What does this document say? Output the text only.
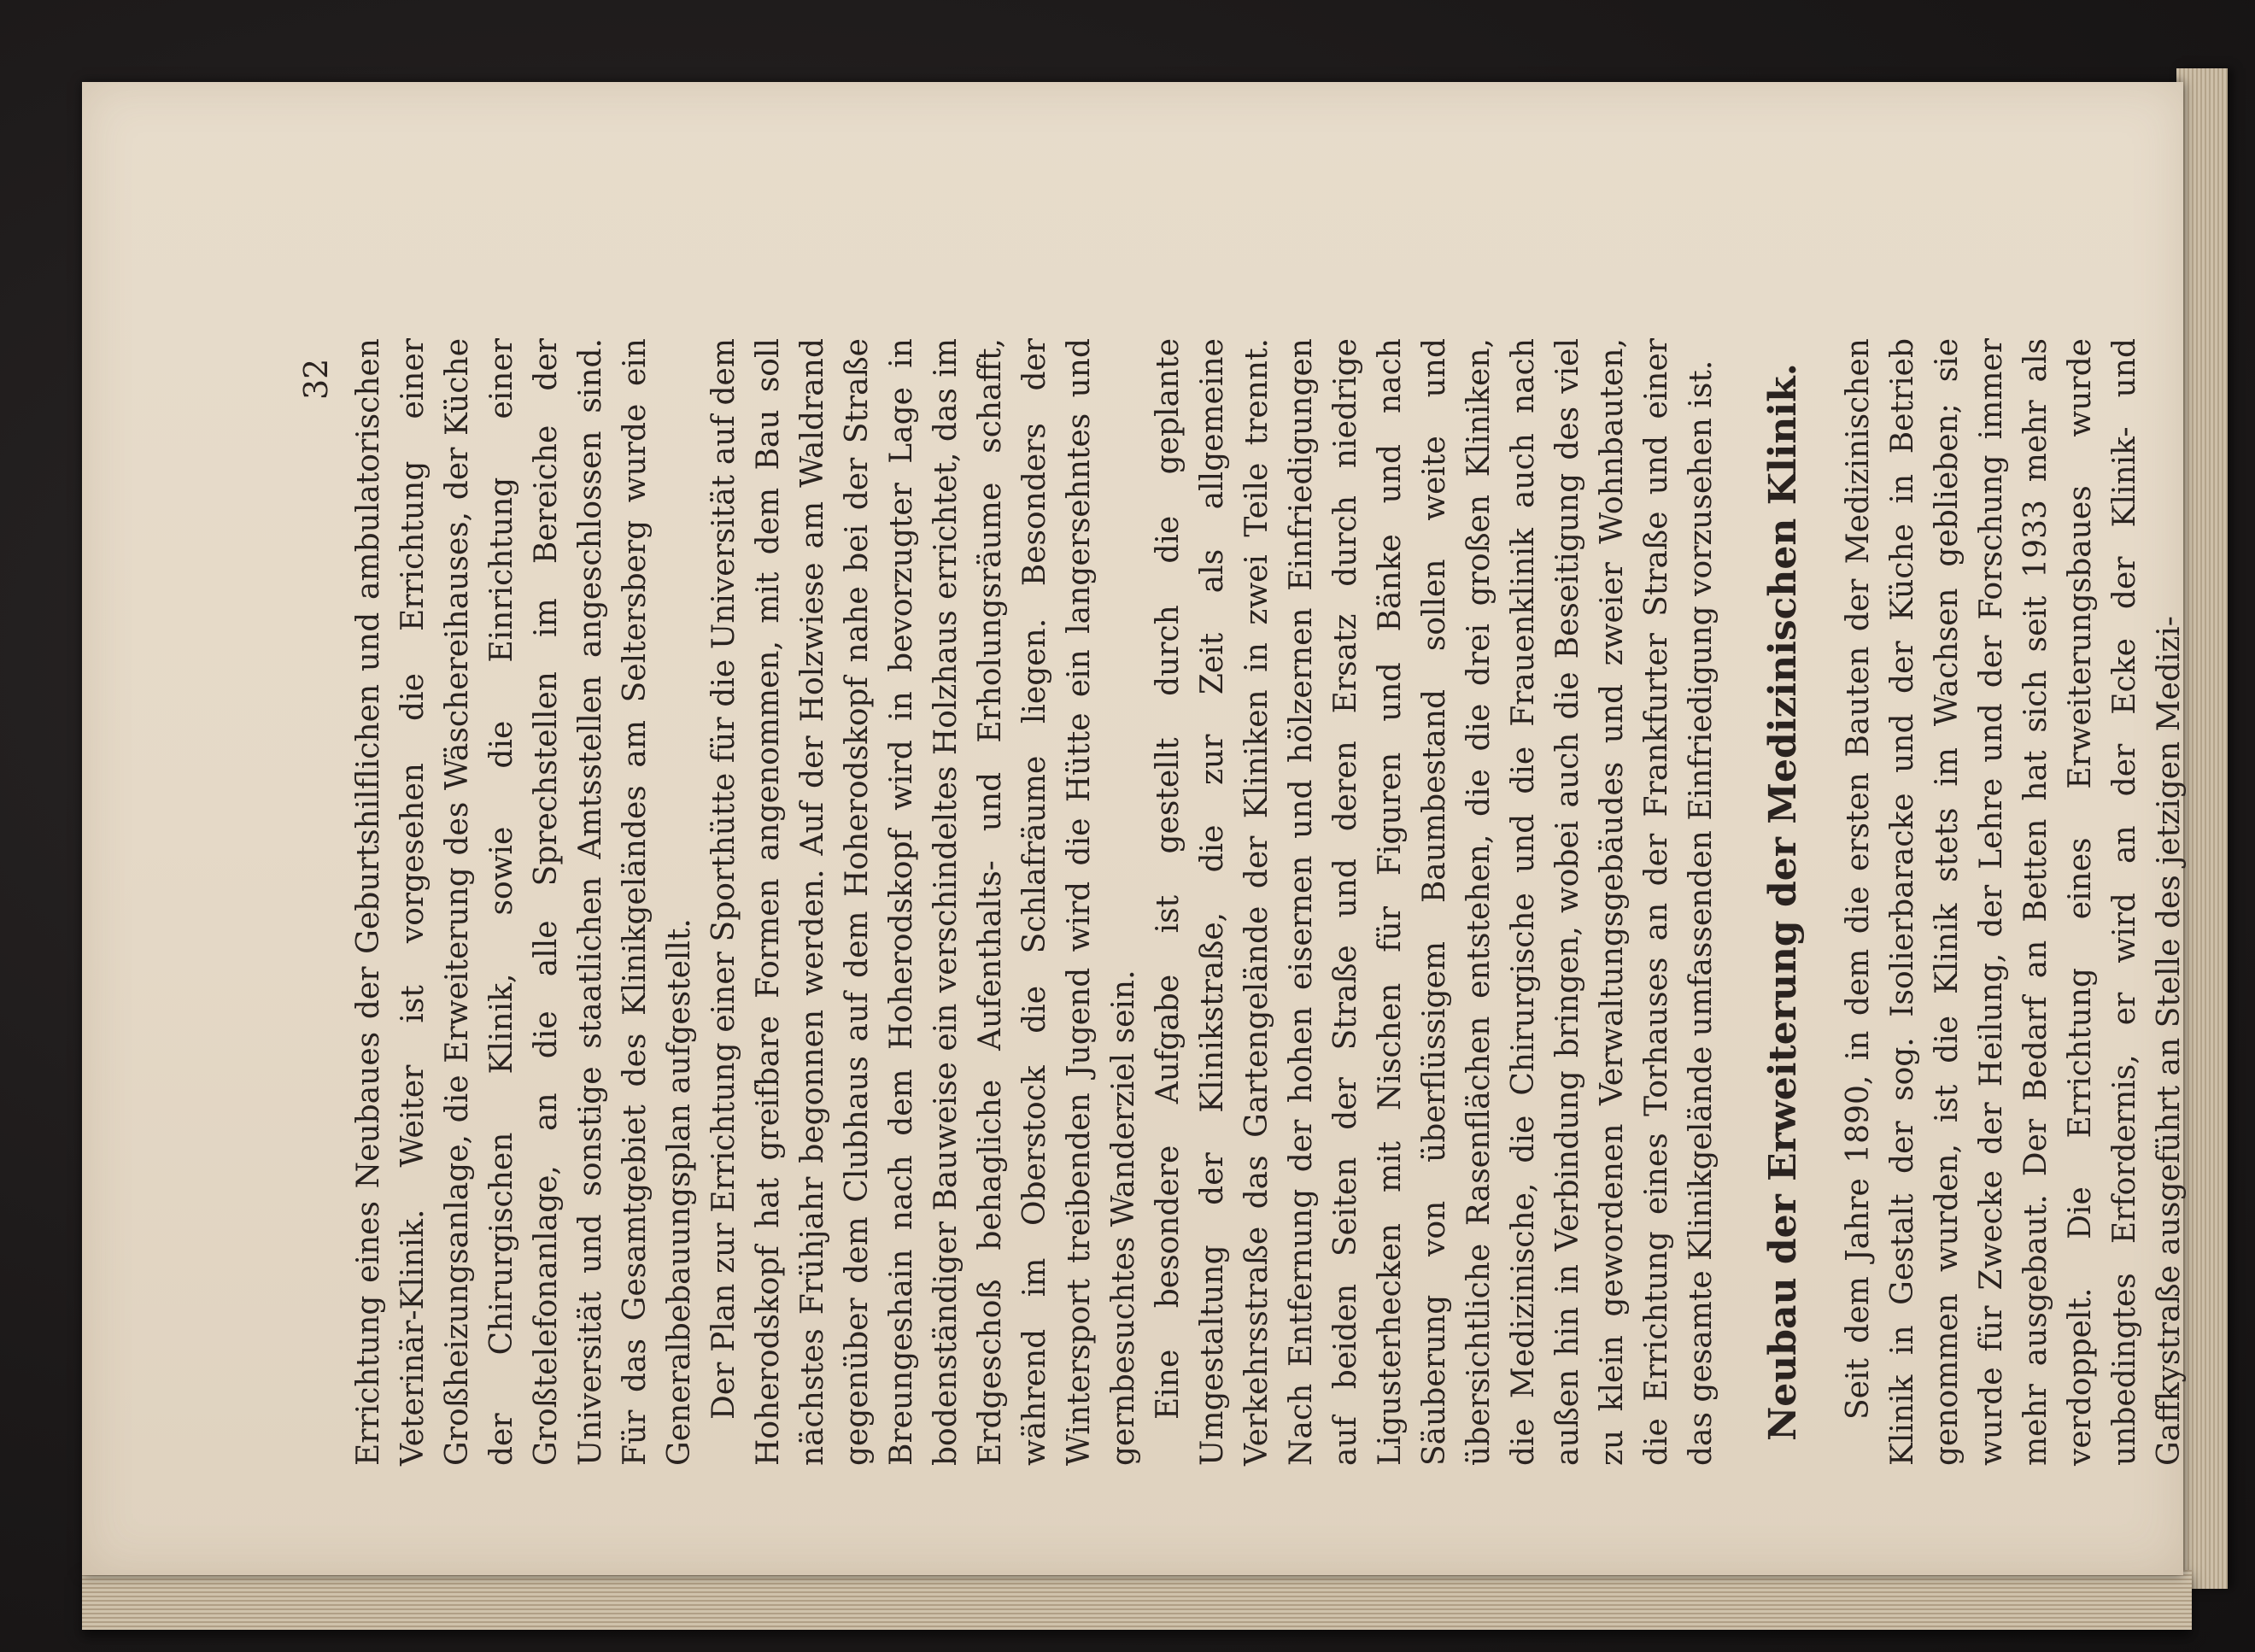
32 Errichtung eines Neubaues der Geburtshilflichen und ambulatorischen Veterinär-Klinik. Weiter ist vorgesehen die Errichtung einer Großheizungsanlage, die Erweiterung des Wäschereihauses, der Küche der Chirurgischen Klinik, sowie die Einrichtung einer Großtelefonanlage, an die alle Sprechstellen im Bereiche der Universität und sonstige staatlichen Amtsstellen angeschlossen sind. Für das Gesamtgebiet des Klinikgeländes am Seltersberg wurde ein Generalbebauungsplan aufgestellt. Der Plan zur Errichtung einer Sporthütte für die Universität auf dem Hoherodskopf hat greifbare Formen angenommen, mit dem Bau soll nächstes Frühjahr begonnen werden. Auf der Holzwiese am Waldrand gegenüber dem Clubhaus auf dem Hoherodskopf nahe bei der Straße Breungeshain nach dem Hoherodskopf wird in bevorzugter Lage in bodenständiger Bauweise ein verschindeltes Holzhaus errichtet, das im Erdgeschoß behagliche Aufenthalts- und Erholungsräume schafft, während im Oberstock die Schlafräume liegen. Besonders der Wintersport treibenden Jugend wird die Hütte ein langersehntes und gernbesuchtes Wanderziel sein. Eine besondere Aufgabe ist gestellt durch die geplante Umgestaltung der Klinikstraße, die zur Zeit als allgemeine Verkehrsstraße das Gartengelände der Kliniken in zwei Teile trennt. Nach Entfernung der hohen eisernen und hölzernen Einfriedigungen auf beiden Seiten der Straße und deren Ersatz durch niedrige Ligusterhecken mit Nischen für Figuren und Bänke und nach Säuberung von überflüssigem Baumbestand sollen weite und übersichtliche Rasenflächen entstehen, die die drei großen Kliniken, die Medizinische, die Chirurgische und die Frauenklinik auch nach außen hin in Verbindung bringen, wobei auch die Beseitigung des viel zu klein gewordenen Verwaltungsgebäudes und zweier Wohnbauten, die Errichtung eines Torhauses an der Frankfurter Straße und einer das gesamte Klinikgelände umfassenden Einfriedigung vorzusehen ist. Neubau der Erweiterung der Medizinischen Klinik. Seit dem Jahre 1890, in dem die ersten Bauten der Medizinischen Klinik in Gestalt der sog. Isolierbaracke und der Küche in Betrieb genommen wurden, ist die Klinik stets im Wachsen geblieben; sie wurde für Zwecke der Heilung, der Lehre und der Forschung immer mehr ausgebaut. Der Bedarf an Betten hat sich seit 1933 mehr als verdoppelt. Die Errichtung eines Erweiterungsbaues wurde unbedingtes Erfordernis, er wird an der Ecke der Klinik- und Gaffkystraße ausgeführt an Stelle des jetzigen Medizi-
